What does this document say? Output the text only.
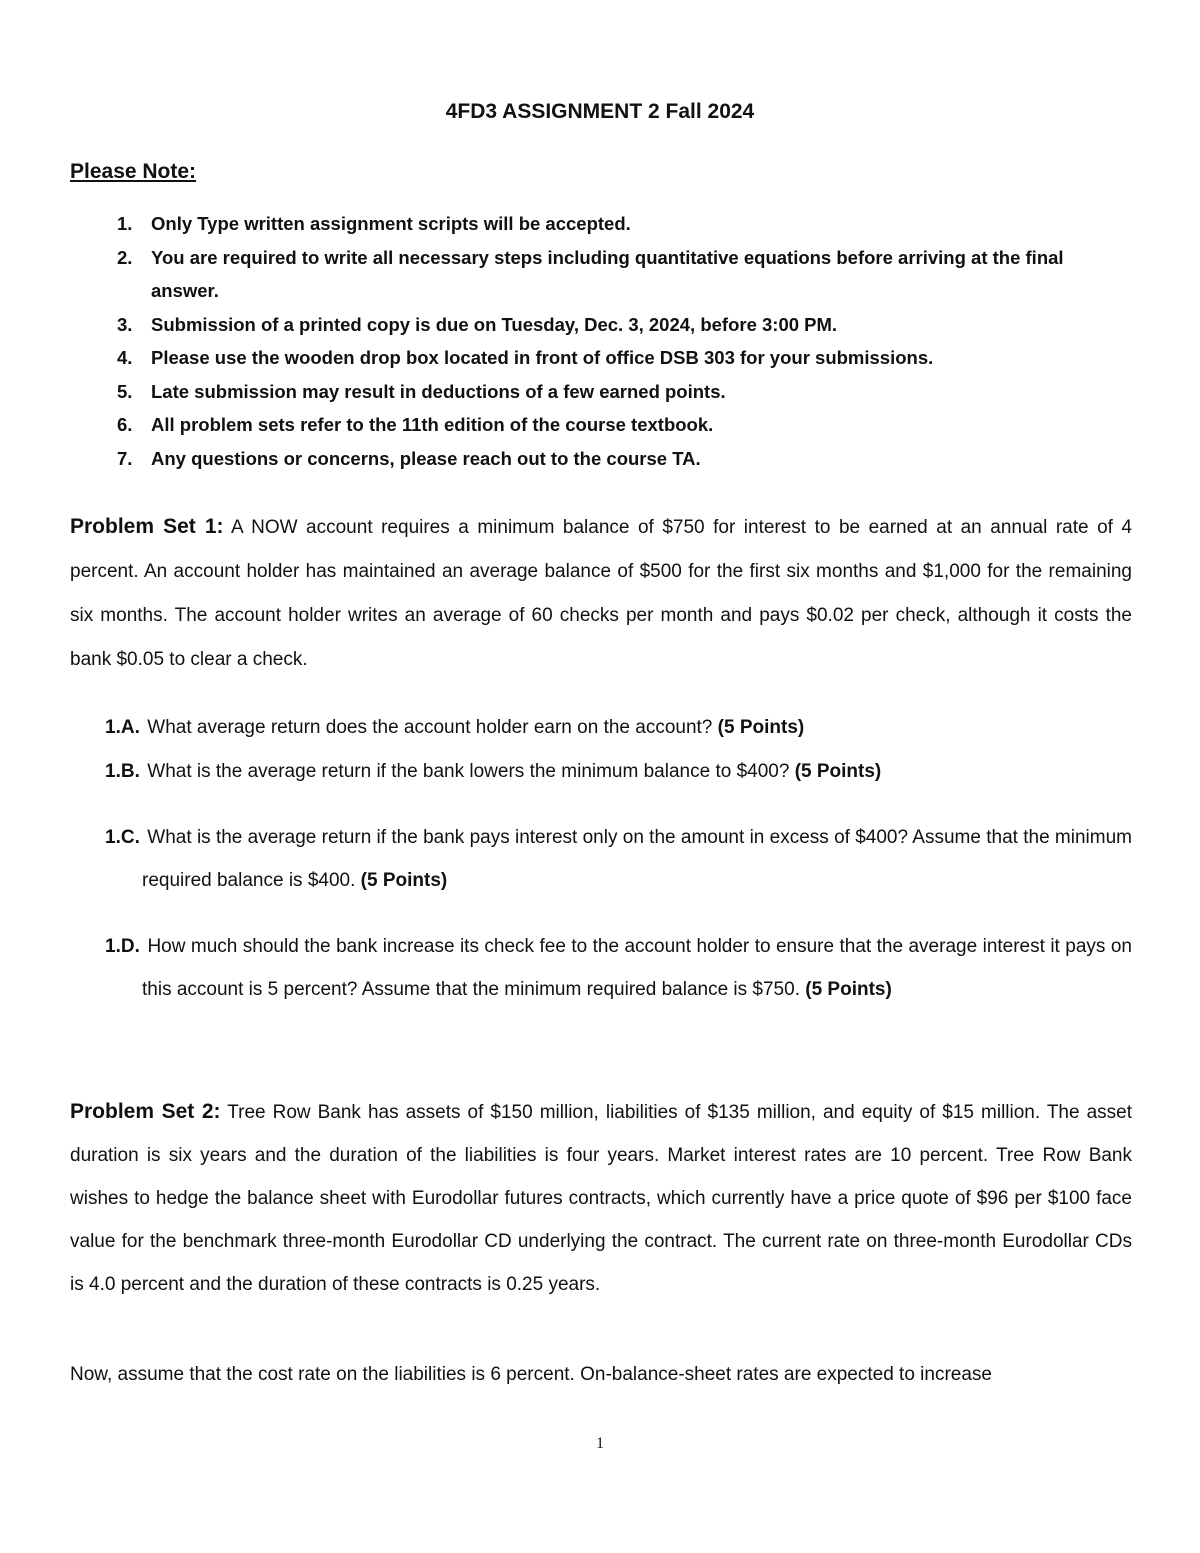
4FD3 ASSIGNMENT 2 Fall 2024
Please Note:
1. Only Type written assignment scripts will be accepted.
2. You are required to write all necessary steps including quantitative equations before arriving at the final answer.
3. Submission of a printed copy is due on Tuesday, Dec. 3, 2024, before 3:00 PM.
4. Please use the wooden drop box located in front of office DSB 303 for your submissions.
5. Late submission may result in deductions of a few earned points.
6. All problem sets refer to the 11th edition of the course textbook.
7. Any questions or concerns, please reach out to the course TA.

Problem Set 1: A NOW account requires a minimum balance of $750 for interest to be earned at an annual rate of 4 percent. An account holder has maintained an average balance of $500 for the first six months and $1,000 for the remaining six months. The account holder writes an average of 60 checks per month and pays $0.02 per check, although it costs the bank $0.05 to clear a check.

1.A. What average return does the account holder earn on the account? (5 Points)

1.B. What is the average return if the bank lowers the minimum balance to $400? (5 Points)

1.C. What is the average return if the bank pays interest only on the amount in excess of $400? Assume that the minimum required balance is $400. (5 Points)

1.D. How much should the bank increase its check fee to the account holder to ensure that the average interest it pays on this account is 5 percent? Assume that the minimum required balance is $750. (5 Points)

Problem Set 2: Tree Row Bank has assets of $150 million, liabilities of $135 million, and equity of $15 million. The asset duration is six years and the duration of the liabilities is four years. Market interest rates are 10 percent. Tree Row Bank wishes to hedge the balance sheet with Eurodollar futures contracts, which currently have a price quote of $96 per $100 face value for the benchmark three-month Eurodollar CD underlying the contract. The current rate on three-month Eurodollar CDs is 4.0 percent and the duration of these contracts is 0.25 years.

Now, assume that the cost rate on the liabilities is 6 percent. On-balance-sheet rates are expected to increase

1
